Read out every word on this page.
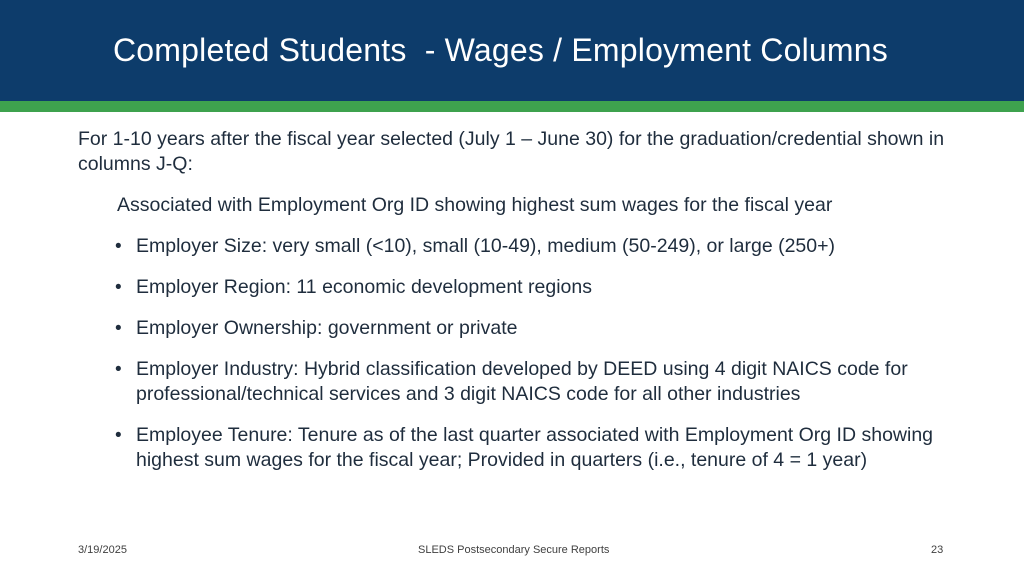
Completed Students  - Wages / Employment Columns

For 1-10 years after the fiscal year selected (July 1 – June 30) for the graduation/credential shown in columns J-Q:

Associated with Employment Org ID showing highest sum wages for the fiscal year

• Employer Size: very small (<10), small (10-49), medium (50-249), or large (250+)
• Employer Region: 11 economic development regions
• Employer Ownership: government or private
• Employer Industry: Hybrid classification developed by DEED using 4 digit NAICS code for professional/technical services and 3 digit NAICS code for all other industries
• Employee Tenure: Tenure as of the last quarter associated with Employment Org ID showing highest sum wages for the fiscal year; Provided in quarters (i.e., tenure of 4 = 1 year)
3/19/2025	SLEDS Postsecondary Secure Reports	23
